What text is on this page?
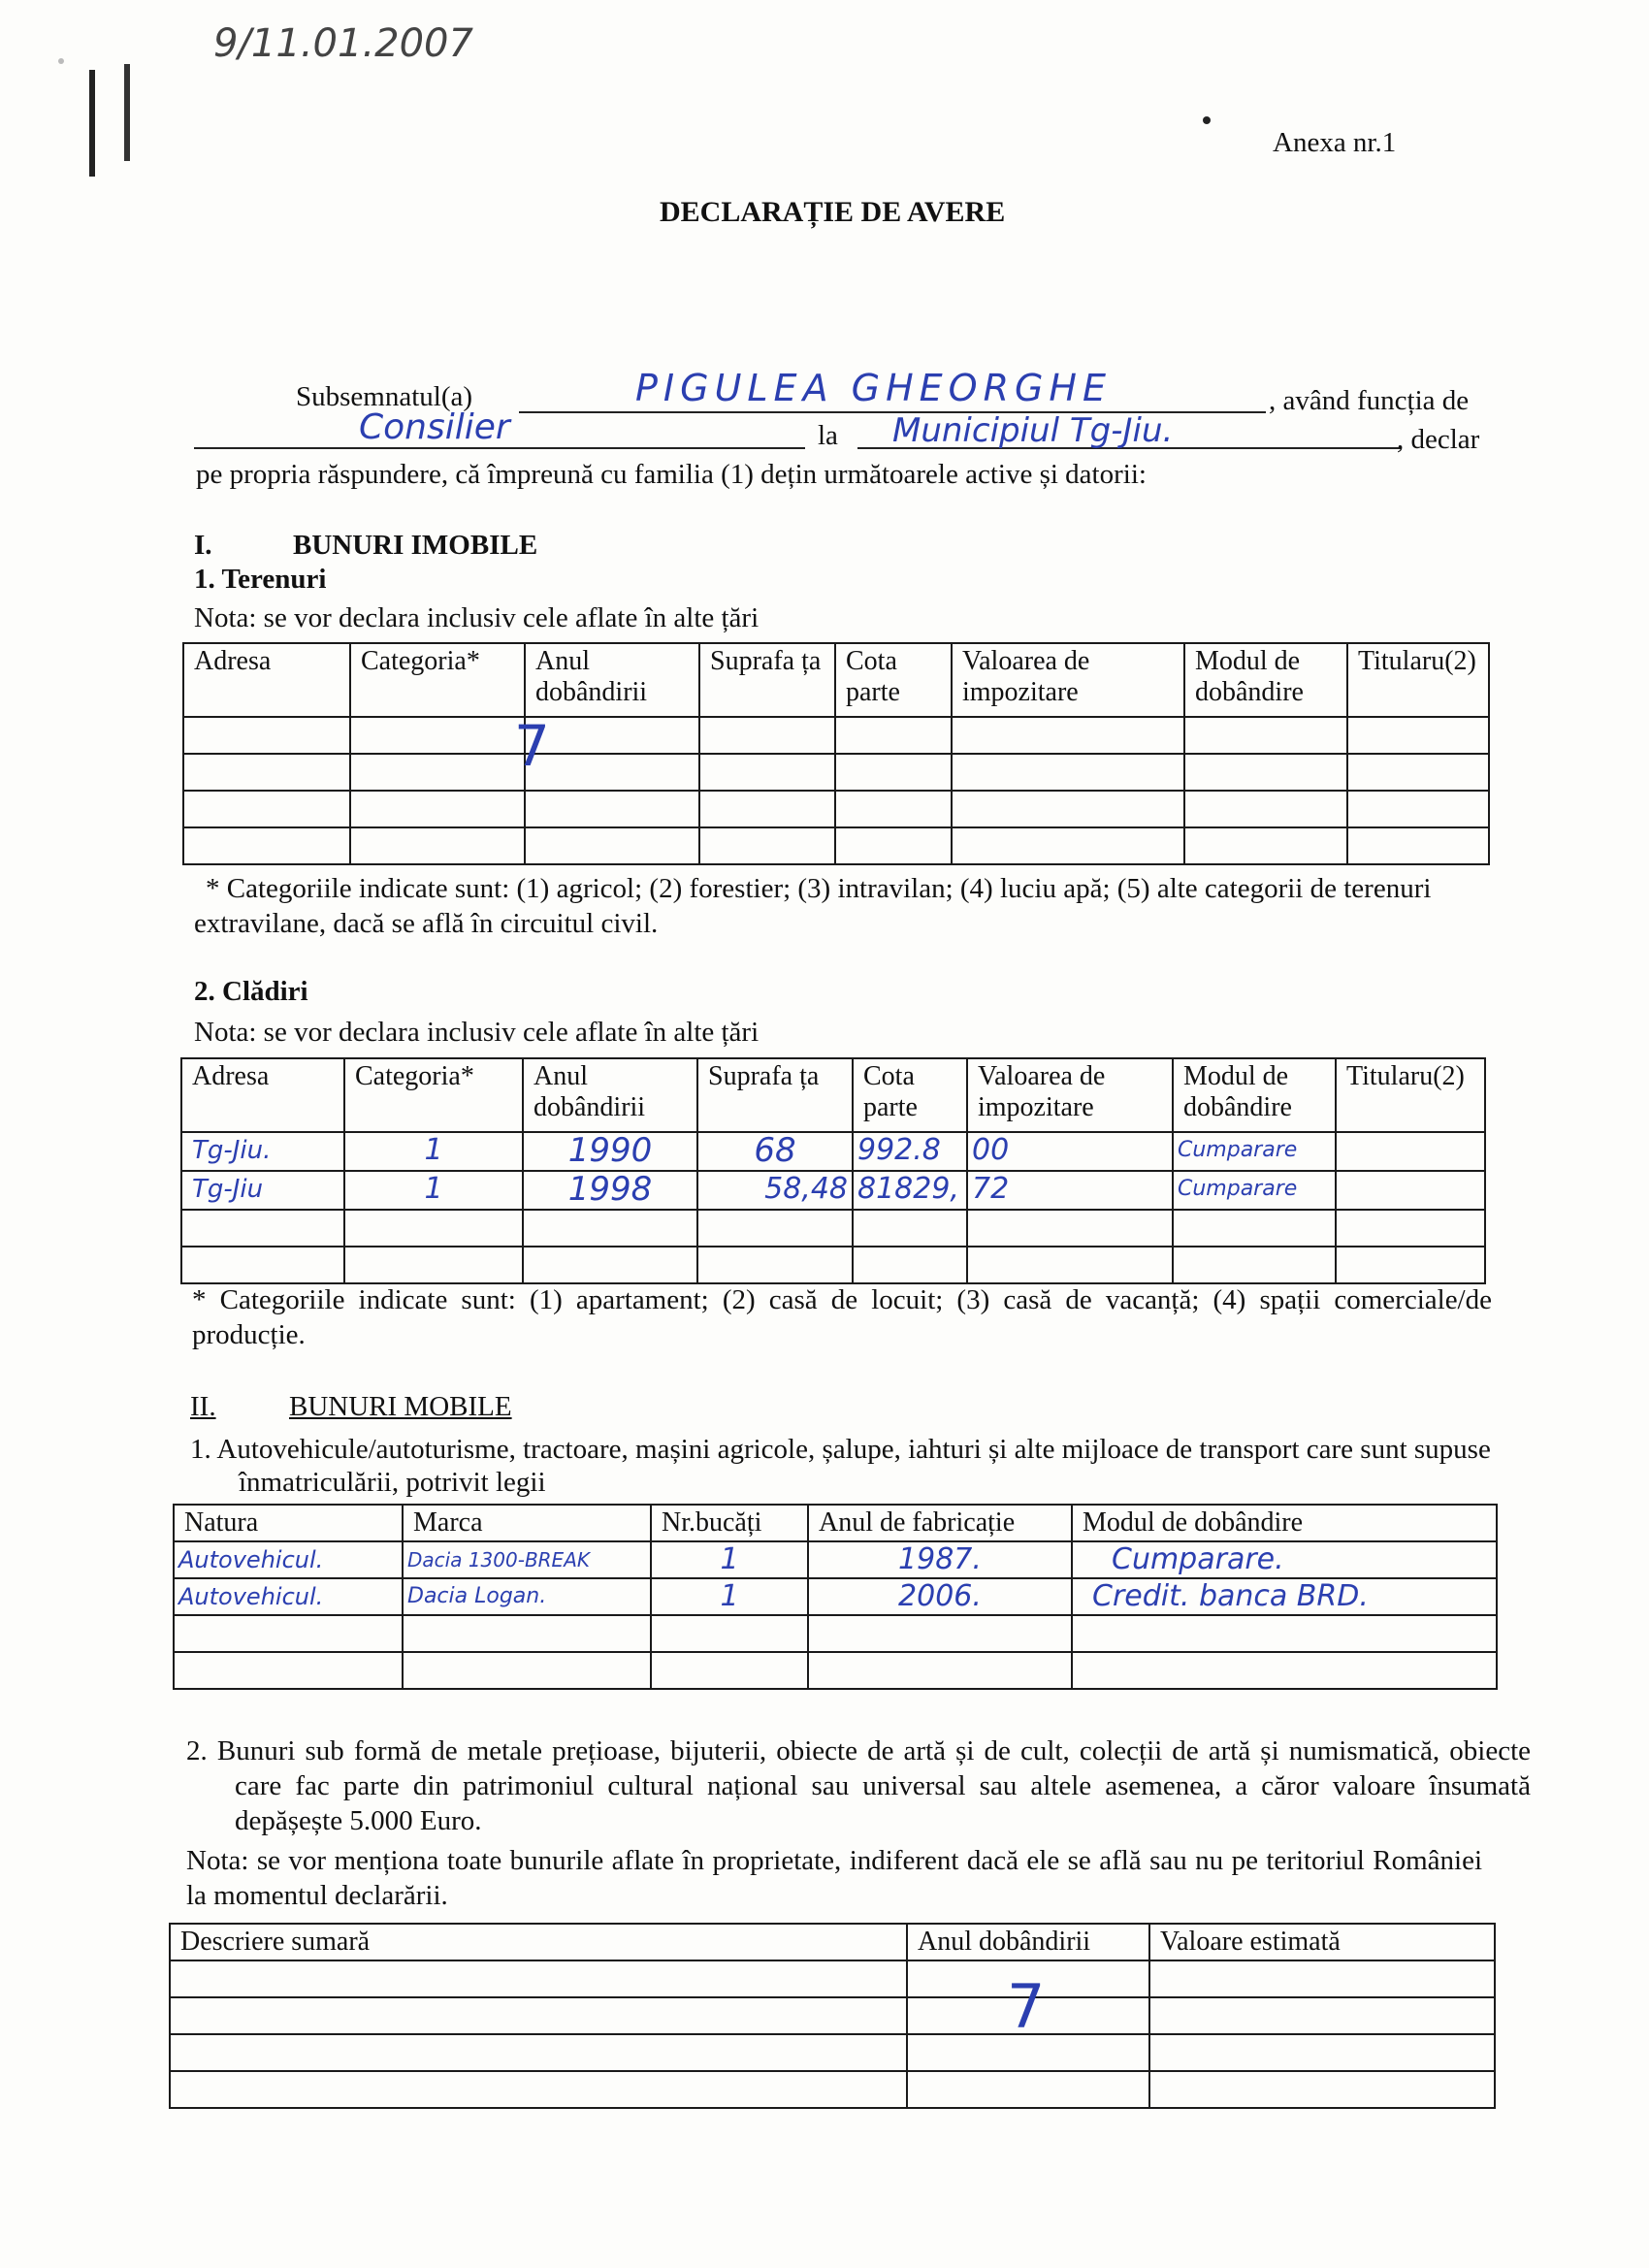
9/11.01.2007
Anexa nr.1
DECLARAȚIE DE AVERE
Subsemnatul(a)	PIGULEA GHEORGHE	, având funcția de
Consilier	la Municipiul Tg-Jiu.	, declar
pe propria răspundere, că împreună cu familia (1) dețin următoarele active și datorii:
I.	BUNURI IMOBILE
1. Terenuri
Nota: se vor declara inclusiv cele aflate în alte țări
Adresa	Categoria*	Anul dobândirii	Suprafa ța	Cota parte	Valoarea de impozitare	Modul de dobândire	Titularu(2)

7
* Categoriile indicate sunt: (1) agricol; (2) forestier; (3) intravilan; (4) luciu apă; (5) alte categorii de terenuri extravilane, dacă se află în circuitul civil.
2. Clădiri
Nota: se vor declara inclusiv cele aflate în alte țări
Adresa	Categoria*	Anul dobândirii	Suprafa ța	Cota parte	Valoarea de impozitare	Modul de dobândire	Titularu(2)
Tg-Jiu.	1	1990	68	992.8	00	Cumparare	
Tg-Jiu	1	1998	58,48	81829,	72	Cumparare	

* Categoriile indicate sunt: (1) apartament; (2) casă de locuit; (3) casă de vacanță; (4) spații comerciale/de producție.
II.	BUNURI MOBILE
1. Autovehicule/autoturisme, tractoare, mașini agricole, șalupe, iahturi și alte mijloace de transport care sunt supuse înmatriculării, potrivit legii
Natura	Marca	Nr.bucăți	Anul de fabricație	Modul de dobândire
Autovehicul.	Dacia 1300-BREAK	1	1987.	Cumparare.
Autovehicul.	Dacia Logan.	1	2006.	Credit. banca BRD.

2. Bunuri sub formă de metale prețioase, bijuterii, obiecte de artă și de cult, colecții de artă și numismatică, obiecte care fac parte din patrimoniul cultural național sau universal sau altele asemenea, a căror valoare însumată depășește 5.000 Euro.
Nota: se vor menționa toate bunurile aflate în proprietate, indiferent dacă ele se află sau nu pe teritoriul României la momentul declarării.
Descriere sumară	Anul dobândirii	Valoare estimată

7
